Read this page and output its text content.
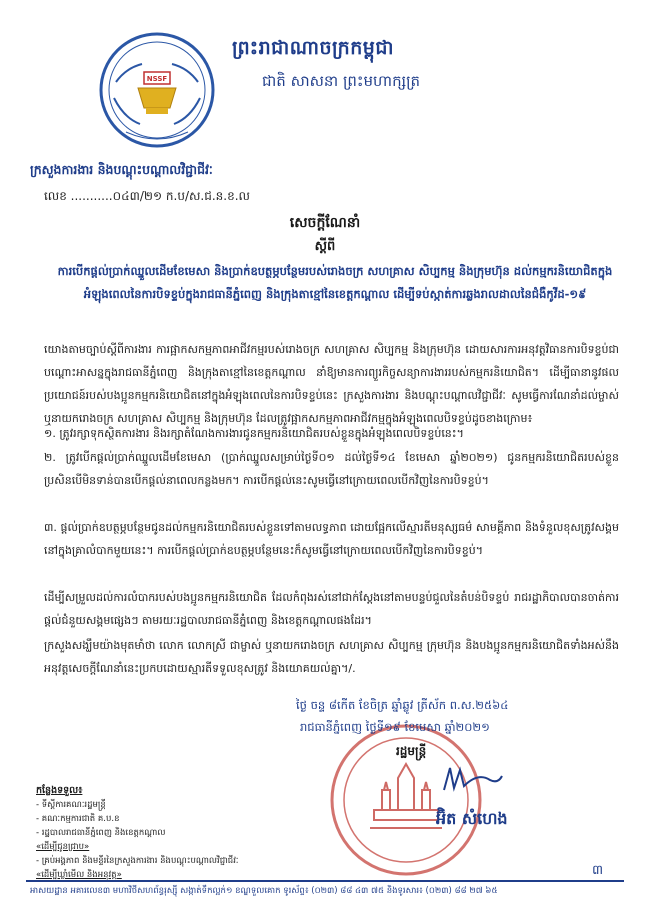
NSSF
ព្រះរាជាណាចក្រកម្ពុជា
ជាតិ សាសនា ព្រះមហាក្សត្រ
ក្រសួងការងារ និងបណ្តុះបណ្តាលវិជ្ជាជីវៈ
លេខ ...........០៤៣/២១ ក.ប/ស.ជ.ន.ខ.ល
សេចក្តីណែនាំ
ស្តីពី
ការបើកផ្តល់ប្រាក់ឈ្នួលដើមខែមេសា និងប្រាក់ឧបត្ថម្ភបន្ថែមរបស់រោងចក្រ សហគ្រាស សិប្បកម្ម និងក្រុមហ៊ុន ដល់កម្មករនិយោជិតក្នុងអំឡុងពេលនៃការបិទខ្ទប់ក្នុងរាជធានីភ្នំពេញ និងក្រុងតាខ្មៅនៃខេត្តកណ្តាល ដើម្បីទប់ស្កាត់ការឆ្លងរាលដាលនៃជំងឺកូវីដ-១៩
យោងតាមច្បាប់ស្តីពីការងារ ការផ្អាកសកម្មភាពអាជីវកម្មរបស់រោងចក្រ សហគ្រាស សិប្បកម្ម និងក្រុមហ៊ុន ដោយសារការអនុវត្តវិធានការបិទខ្ទប់ជាបណ្តោះអាសន្នក្នុងរាជធានីភ្នំពេញ និងក្រុងតាខ្មៅនៃខេត្តកណ្តាល នាំឱ្យមានការព្យួរកិច្ចសន្យាការងាររបស់កម្មករនិយោជិត។ ដើម្បីធានានូវផលប្រយោជន៍របស់បងប្អូនកម្មករនិយោជិតនៅក្នុងអំឡុងពេលនៃការបិទខ្ទប់នេះ ក្រសួងការងារ និងបណ្តុះបណ្តាលវិជ្ជាជីវៈ សូមធ្វើការណែនាំដល់ម្ចាស់ ឬនាយករោងចក្រ សហគ្រាស សិប្បកម្ម និងក្រុមហ៊ុន ដែលត្រូវផ្អាកសកម្មភាពអាជីវកម្មក្នុងអំឡុងពេលបិទខ្ទប់ដូចខាងក្រោម៖
១. ត្រូវរក្សាទុកស្ថិតការងារ និងរក្សាតំណែងការងារជូនកម្មករនិយោជិតរបស់ខ្លួនក្នុងអំឡុងពេលបិទខ្ទប់នេះ។
២. ត្រូវបើកផ្តល់ប្រាក់ឈ្នួលដើមខែមេសា (ប្រាក់ឈ្នួលសម្រាប់ថ្ងៃទី០១ ដល់ថ្ងៃទី១៤ ខែមេសា ឆ្នាំ២០២១) ជូនកម្មករនិយោជិតរបស់ខ្លួន ប្រសិនបើមិនទាន់បានបើកផ្តល់នាពេលកន្លងមក។ ការបើកផ្តល់នេះសូមធ្វើនៅក្រោយពេលបើកវិញនៃការបិទខ្ទប់។
៣. ផ្តល់ប្រាក់ឧបត្ថម្ភបន្ថែមជូនដល់កម្មករនិយោជិតរបស់ខ្លួនទៅតាមលទ្ធភាព ដោយផ្អែកលើស្មារតីមនុស្សធម៌ សាមគ្គីភាព និងទំនួលខុសត្រូវសង្គមនៅក្នុងគ្រាលំបាកមួយនេះ។ ការបើកផ្តល់ប្រាក់ឧបត្ថម្ភបន្ថែមនេះក៏សូមធ្វើនៅក្រោយពេលបើកវិញនៃការបិទខ្ទប់។
ដើម្បីសម្រួលដល់ការលំបាករបស់បងប្អូនកម្មករនិយោជិត ដែលកំពុងរស់នៅជាក់ស្តែងនៅតាមបន្ទប់ជួលនៃតំបន់បិទខ្ទប់ រាជរដ្ឋាភិបាលបានចាត់ការផ្តល់ជំនួយសង្គមផ្សេងៗ តាមរយៈរដ្ឋបាលរាជធានីភ្នំពេញ និងខេត្តកណ្តាលផងដែរ។
ក្រសួងសង្ឃឹមយ៉ាងមុតមាំថា លោក លោកស្រី ជាម្ចាស់ ឬនាយករោងចក្រ សហគ្រាស សិប្បកម្ម ក្រុមហ៊ុន និងបងប្អូនកម្មករនិយោជិតទាំងអស់នឹងអនុវត្តសេចក្តីណែនាំនេះប្រកបដោយស្មារតីទទួលខុសត្រូវ និងយោគយល់គ្នា។/.
ថ្ងៃ ចន្ទ ៨កើត ខែចិត្រ ឆ្នាំឆ្លូវ ត្រីស័ក ព.ស.២៥៦៤
រាជធានីភ្នំពេញ ថ្ងៃទី១៩ ខែមេសា ឆ្នាំ២០២១
រដ្ឋមន្ត្រី
អ៊ិត សំហេង
កន្លែងទទួល៖
- ទីស្តីការគណៈរដ្ឋមន្ត្រី
- គណៈកម្មការជាតិ គ.ប.ខ
- រដ្ឋបាលរាជធានីភ្នំពេញ និងខេត្តកណ្តាល
«ដើម្បីជូនជ្រាប»
- គ្រប់អង្គភាព និងមន្ទីរនៃក្រសួងការងារ និងបណ្តុះបណ្តាលវិជ្ជាជីវៈ
«ដើម្បីឃ្លាំមើល និងអនុវត្ត»	៣
អាសយដ្ឋាន អគារលេខ៣ មហាវិថីសហព័ន្ធរុស្ស៊ី សង្កាត់ទឹកល្អក់១ ខណ្ឌទួលគោក ទូរស័ព្ទ៖ (០២៣) ៨៨ ៤៣ ៧៥ និងទូរសារ៖ (០២៣) ៨៨ ២៧ ៦៥
